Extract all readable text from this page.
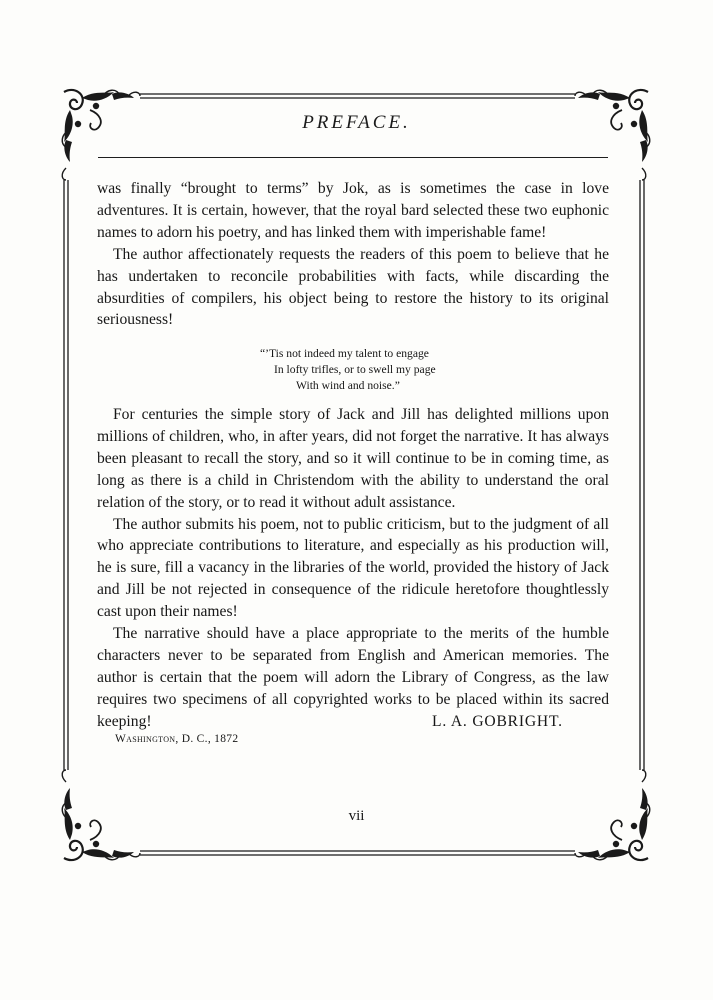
PREFACE.

was finally “brought to terms” by Jok, as is sometimes the case in love adventures. It is certain, however, that the royal bard selected these two euphonic names to adorn his poetry, and has linked them with imperishable fame!

The author affectionately requests the readers of this poem to believe that he has undertaken to reconcile probabilities with facts, while discarding the absurdities of compilers, his object being to restore the history to its original seriousness!

“’Tis not indeed my talent to engage
In lofty trifles, or to swell my page
With wind and noise.”

For centuries the simple story of Jack and Jill has delighted millions upon millions of children, who, in after years, did not forget the narrative. It has always been pleasant to recall the story, and so it will continue to be in coming time, as long as there is a child in Christendom with the ability to understand the oral relation of the story, or to read it without adult assistance.

The author submits his poem, not to public criticism, but to the judgment of all who appreciate contributions to literature, and especially as his production will, he is sure, fill a vacancy in the libraries of the world, provided the history of Jack and Jill be not rejected in consequence of the ridicule heretofore thoughtlessly cast upon their names!

The narrative should have a place appropriate to the merits of the humble characters never to be separated from English and American memories. The author is certain that the poem will adorn the Library of Congress, as the law requires two specimens of all copyrighted works to be placed within its sacred keeping!	L. A. GOBRIGHT.
Washington, D. C., 1872
vii
